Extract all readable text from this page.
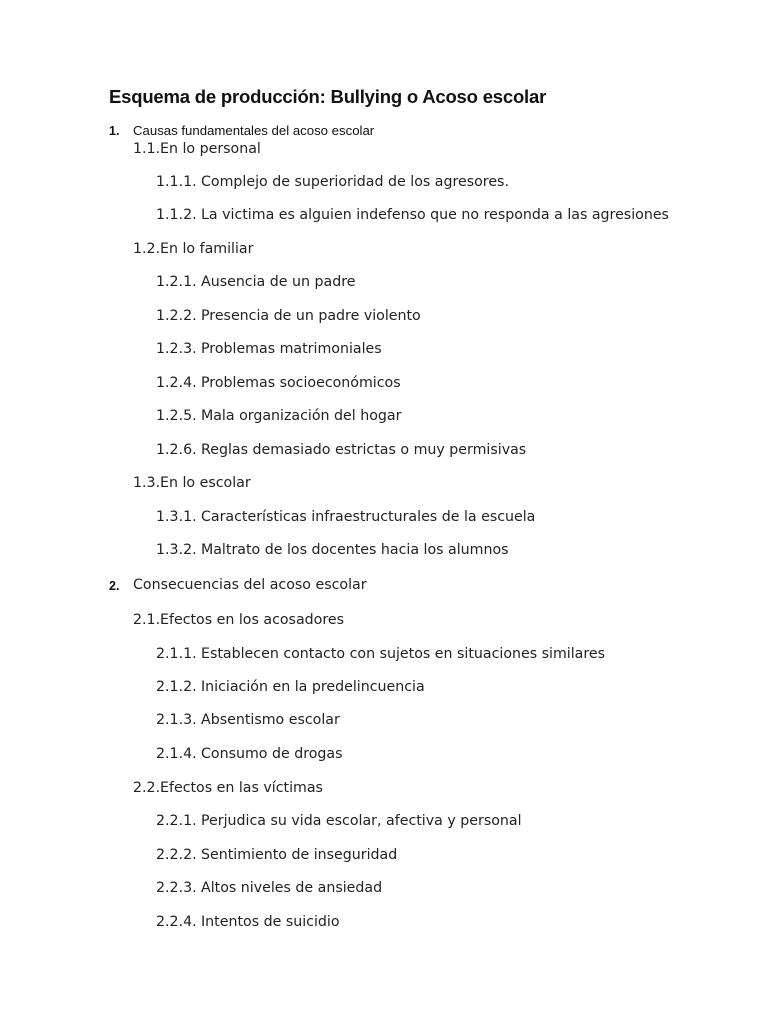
Esquema de producción: Bullying o Acoso escolar
1. Causas fundamentales del acoso escolar
1.1.En lo personal
1.1.1. Complejo de superioridad de los agresores.
1.1.2. La victima es alguien indefenso que no responda a las agresiones
1.2.En lo familiar
1.2.1. Ausencia de un padre
1.2.2. Presencia de un padre violento
1.2.3. Problemas matrimoniales
1.2.4. Problemas socioeconómicos
1.2.5. Mala organización del hogar
1.2.6. Reglas demasiado estrictas o muy permisivas
1.3.En lo escolar
1.3.1. Características infraestructurales de la escuela
1.3.2. Maltrato de los docentes hacia los alumnos
2. Consecuencias del acoso escolar
2.1.Efectos en los acosadores
2.1.1. Establecen contacto con sujetos en situaciones similares
2.1.2. Iniciación en la predelincuencia
2.1.3. Absentismo escolar
2.1.4. Consumo de drogas
2.2.Efectos en las víctimas
2.2.1. Perjudica su vida escolar, afectiva y personal
2.2.2. Sentimiento de inseguridad
2.2.3. Altos niveles de ansiedad
2.2.4. Intentos de suicidio
